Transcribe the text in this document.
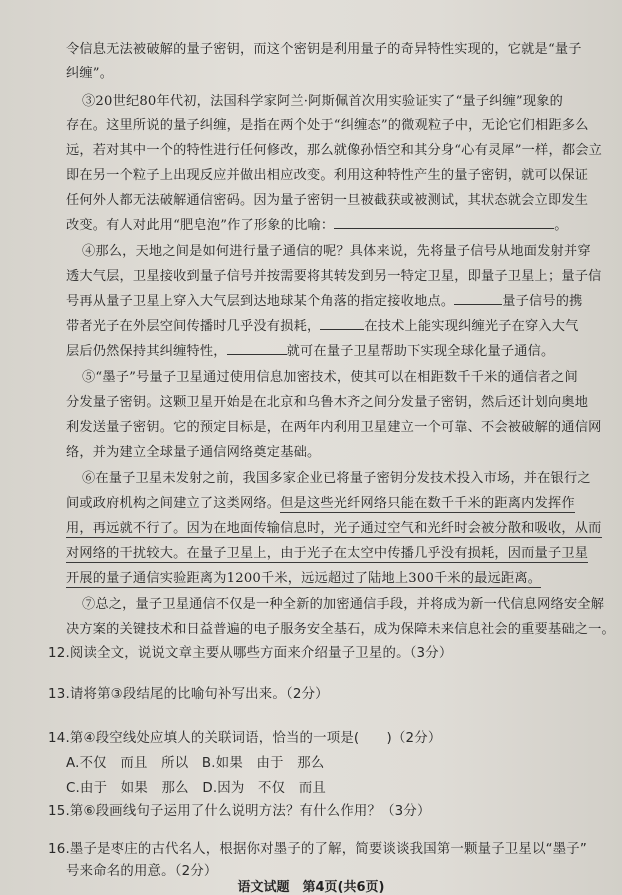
令信息无法被破解的量子密钥，而这个密钥是利用量子的奇异特性实现的，它就是“量子
纠缠”。
③20世纪80年代初，法国科学家阿兰·阿斯佩首次用实验证实了“量子纠缠”现象的
存在。这里所说的量子纠缠，是指在两个处于“纠缠态”的微观粒子中，无论它们相距多么
远，若对其中一个的特性进行任何修改，那么就像孙悟空和其分身“心有灵犀”一样，都会立
即在另一个粒子上出现反应并做出相应改变。利用这种特性产生的量子密钥，就可以保证
任何外人都无法破解通信密码。因为量子密钥一旦被截获或被测试，其状态就会立即发生
改变。有人对此用“肥皂泡”作了形象的比喻：	。
④那么，天地之间是如何进行量子通信的呢？具体来说，先将量子信号从地面发射并穿
透大气层，卫星接收到量子信号并按需要将其转发到另一特定卫星，即量子卫星上；量子信
号再从量子卫星上穿入大气层到达地球某个角落的指定接收地点。	量子信号的携
带者光子在外层空间传播时几乎没有损耗，	在技术上能实现纠缠光子在穿入大气
层后仍然保持其纠缠特性，	就可在量子卫星帮助下实现全球化量子通信。
⑤“墨子”号量子卫星通过使用信息加密技术，使其可以在相距数千千米的通信者之间
分发量子密钥。这颗卫星开始是在北京和乌鲁木齐之间分发量子密钥，然后还计划向奥地
利发送量子密钥。它的预定目标是，在两年内利用卫星建立一个可靠、不会被破解的通信网
络，并为建立全球量子通信网络奠定基础。
⑥在量子卫星未发射之前，我国多家企业已将量子密钥分发技术投入市场，并在银行之
间或政府机构之间建立了这类网络。但是这些光纤网络只能在数千千米的距离内发挥作
用，再远就不行了。因为在地面传输信息时，光子通过空气和光纤时会被分散和吸收，从而
对网络的干扰较大。在量子卫星上，由于光子在太空中传播几乎没有损耗，因而量子卫星
开展的量子通信实验距离为1200千米，远远超过了陆地上300千米的最远距离。
⑦总之，量子卫星通信不仅是一种全新的加密通信手段，并将成为新一代信息网络安全解
决方案的关键技术和日益普遍的电子服务安全基石，成为保障未来信息社会的重要基础之一。
12.阅读全文，说说文章主要从哪些方面来介绍量子卫星的。（3分）
13.请将第③段结尾的比喻句补写出来。（2分）
14.第④段空线处应填人的关联词语，恰当的一项是(　　)（2分）
A.不仅　而且　所以　B.如果　由于　那么
C.由于　如果　那么　D.因为　不仅　而且
15.第⑥段画线句子运用了什么说明方法？有什么作用？（3分）
16.墨子是枣庄的古代名人，根据你对墨子的了解，简要谈谈我国第一颗量子卫星以“墨子”
号来命名的用意。（2分）
语文试题　第4页(共6页)
